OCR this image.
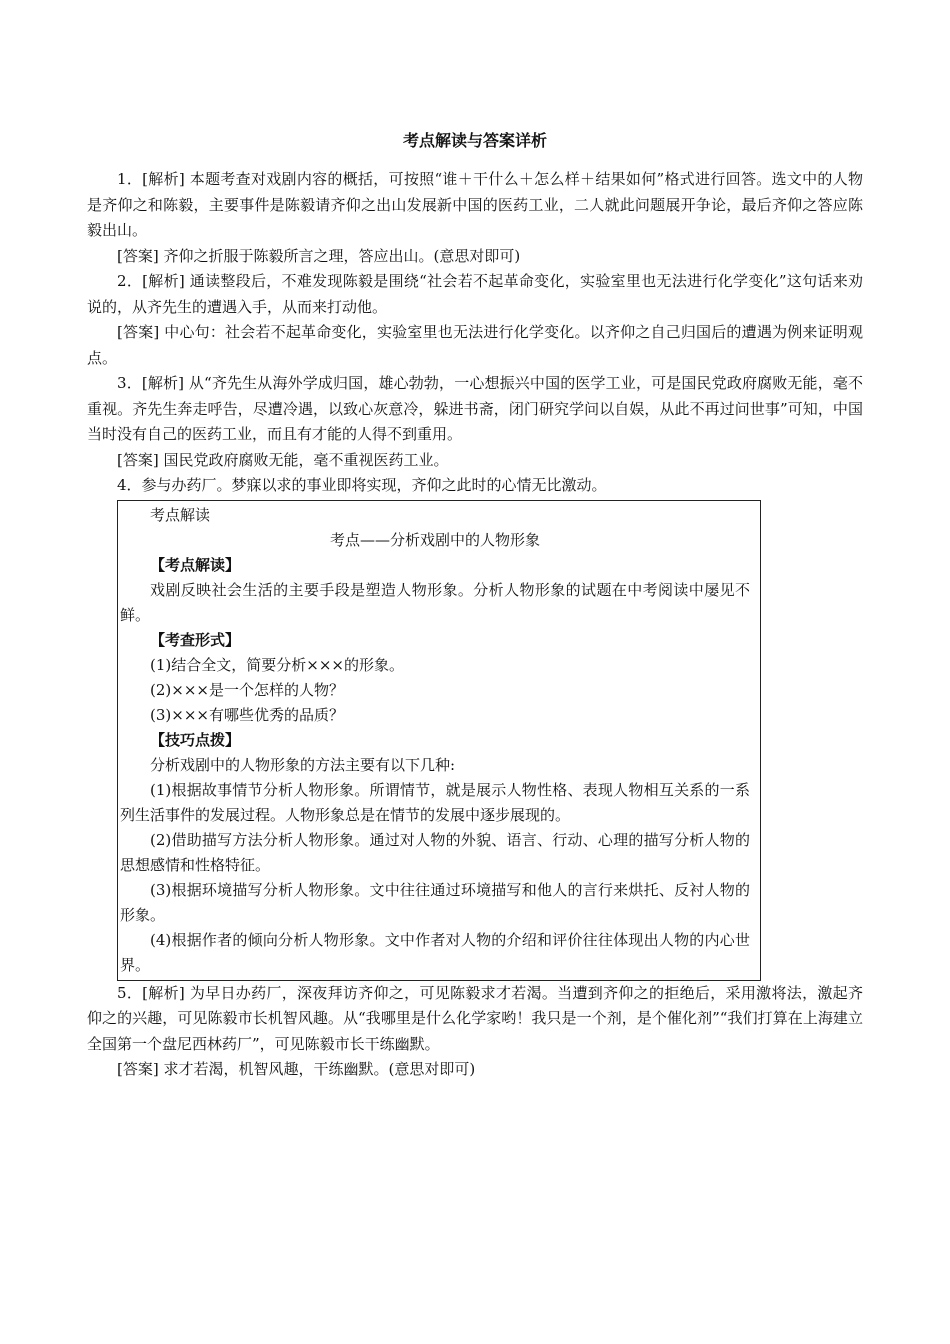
考点解读与答案详析

1．[解析] 本题考查对戏剧内容的概括，可按照“谁＋干什么＋怎么样＋结果如何”格式进行回答。选文中的人物是齐仰之和陈毅，主要事件是陈毅请齐仰之出山发展新中国的医药工业，二人就此问题展开争论，最后齐仰之答应陈毅出山。

[答案] 齐仰之折服于陈毅所言之理，答应出山。(意思对即可)

2．[解析] 通读整段后，不难发现陈毅是围绕“社会若不起革命变化，实验室里也无法进行化学变化”这句话来劝说的，从齐先生的遭遇入手，从而来打动他。

[答案] 中心句：社会若不起革命变化，实验室里也无法进行化学变化。以齐仰之自己归国后的遭遇为例来证明观点。

3．[解析] 从“齐先生从海外学成归国，雄心勃勃，一心想振兴中国的医学工业，可是国民党政府腐败无能，毫不重视。齐先生奔走呼告，尽遭冷遇，以致心灰意冷，躲进书斋，闭门研究学问以自娱，从此不再过问世事”可知，中国当时没有自己的医药工业，而且有才能的人得不到重用。

[答案] 国民党政府腐败无能，毫不重视医药工业。

4．参与办药厂。梦寐以求的事业即将实现，齐仰之此时的心情无比激动。

考点解读

考点——分析戏剧中的人物形象

【考点解读】

戏剧反映社会生活的主要手段是塑造人物形象。分析人物形象的试题在中考阅读中屡见不鲜。

【考查形式】

(1)结合全文，简要分析×××的形象。

(2)×××是一个怎样的人物？

(3)×××有哪些优秀的品质？

【技巧点拨】

分析戏剧中的人物形象的方法主要有以下几种:

(1)根据故事情节分析人物形象。所谓情节，就是展示人物性格、表现人物相互关系的一系列生活事件的发展过程。人物形象总是在情节的发展中逐步展现的。

(2)借助描写方法分析人物形象。通过对人物的外貌、语言、行动、心理的描写分析人物的思想感情和性格特征。

(3)根据环境描写分析人物形象。文中往往通过环境描写和他人的言行来烘托、反衬人物的形象。

(4)根据作者的倾向分析人物形象。文中作者对人物的介绍和评价往往体现出人物的内心世界。

5．[解析] 为早日办药厂，深夜拜访齐仰之，可见陈毅求才若渴。当遭到齐仰之的拒绝后，采用激将法，激起齐仰之的兴趣，可见陈毅市长机智风趣。从“我哪里是什么化学家哟！我只是一个剂，是个催化剂”“我们打算在上海建立全国第一个盘尼西林药厂”，可见陈毅市长干练幽默。

[答案] 求才若渴，机智风趣，干练幽默。(意思对即可)
